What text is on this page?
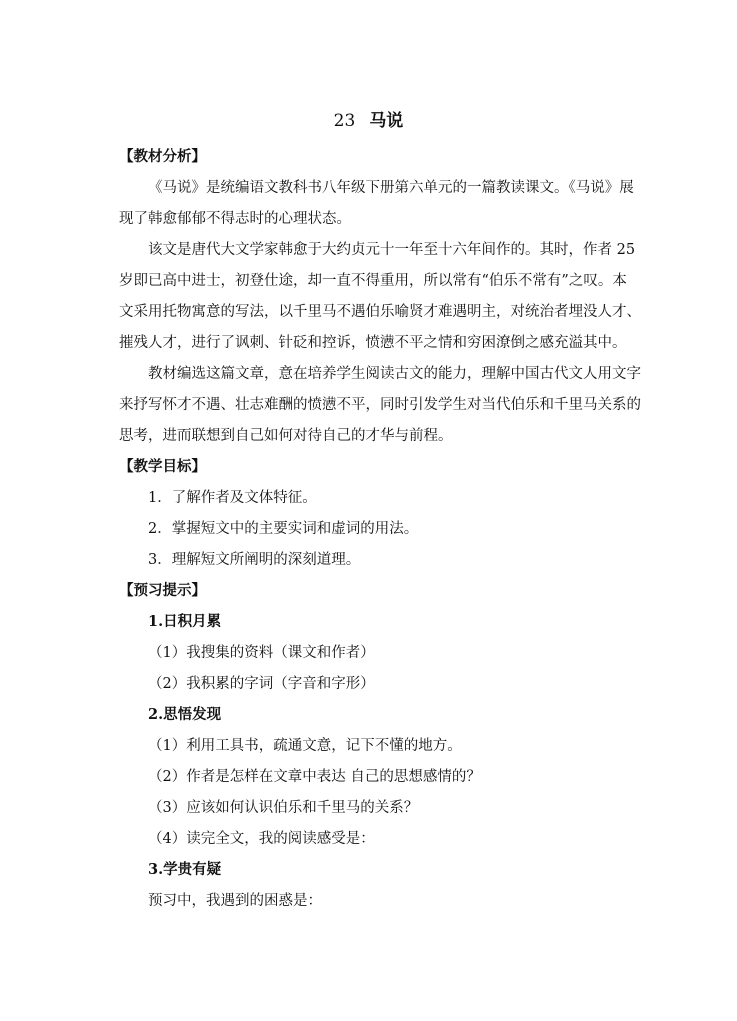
23 马说
【教材分析】
《马说》是统编语文教科书八年级下册第六单元的一篇教读课文。《马说》展
现了韩愈郁郁不得志时的心理状态。
该文是唐代大文学家韩愈于大约贞元十一年至十六年间作的。其时，作者 25
岁即已高中进士，初登仕途，却一直不得重用，所以常有“伯乐不常有”之叹。本
文采用托物寓意的写法，以千里马不遇伯乐喻贤才难遇明主，对统治者埋没人才、
摧残人才，进行了讽刺、针砭和控诉，愤懑不平之情和穷困潦倒之感充溢其中。
教材编选这篇文章，意在培养学生阅读古文的能力，理解中国古代文人用文字
来抒写怀才不遇、壮志难酬的愤懑不平，同时引发学生对当代伯乐和千里马关系的
思考，进而联想到自己如何对待自己的才华与前程。
【教学目标】
1．了解作者及文体特征。
2．掌握短文中的主要实词和虚词的用法。
3．理解短文所阐明的深刻道理。
【预习提示】
1.日积月累
（1）我搜集的资料（课文和作者）
（2）我积累的字词（字音和字形）
2.思悟发现
（1）利用工具书，疏通文意，记下不懂的地方。
（2）作者是怎样在文章中表达 自己的思想感情的？
（3）应该如何认识伯乐和千里马的关系？
（4）读完全文，我的阅读感受是：
3.学贵有疑
预习中，我遇到的困惑是：
